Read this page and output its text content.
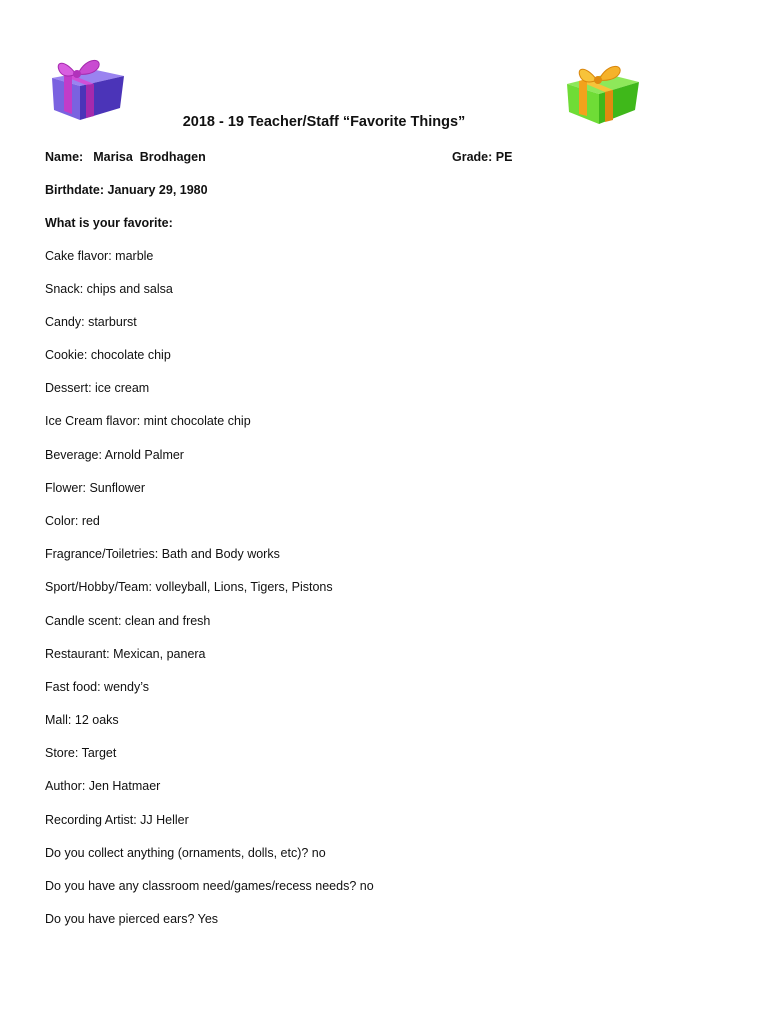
2018 - 19 Teacher/Staff “Favorite Things”
Name: Marisa  Brodhagen	Grade: PE
Birthdate: January 29, 1980
What is your favorite:
Cake flavor: marble
Snack: chips and salsa
Candy: starburst
Cookie: chocolate chip
Dessert: ice cream
Ice Cream flavor: mint chocolate chip
Beverage: Arnold Palmer
Flower: Sunflower
Color: red
Fragrance/Toiletries: Bath and Body works
Sport/Hobby/Team: volleyball, Lions, Tigers, Pistons
Candle scent: clean and fresh
Restaurant: Mexican, panera
Fast food: wendy’s
Mall: 12 oaks
Store: Target
Author: Jen Hatmaer
Recording Artist: JJ Heller
Do you collect anything (ornaments, dolls, etc)? no
Do you have any classroom need/games/recess needs? no
Do you have pierced ears? Yes
